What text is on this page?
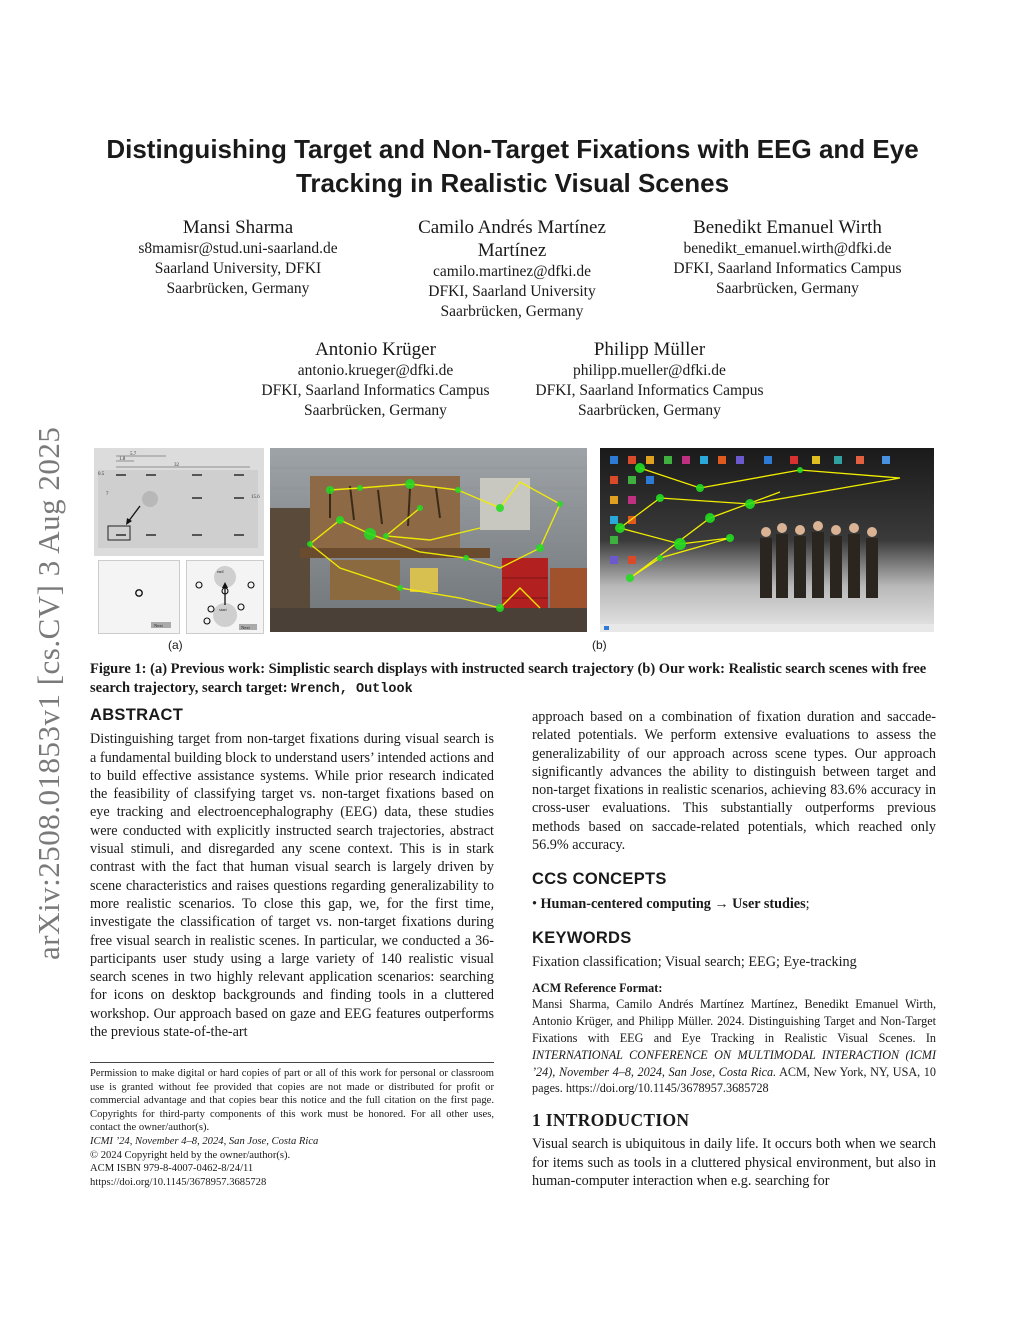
arXiv:2508.01853v1 [cs.CV] 3 Aug 2025
Distinguishing Target and Non-Target Fixations with EEG and Eye Tracking in Realistic Visual Scenes
Mansi Sharma
s8mamisr@stud.uni-saarland.de
Saarland University, DFKI
Saarbrücken, Germany
Camilo Andrés Martínez Martínez
camilo.martinez@dfki.de
DFKI, Saarland University
Saarbrücken, Germany
Benedikt Emanuel Wirth
benedikt_emanuel.wirth@dfki.de
DFKI, Saarland Informatics Campus
Saarbrücken, Germany
Antonio Krüger
antonio.krueger@dfki.de
DFKI, Saarland Informatics Campus
Saarbrücken, Germany
Philipp Müller
philipp.mueller@dfki.de
DFKI, Saarland Informatics Campus
Saarbrücken, Germany
1.8
5.7
32
0.5
7
15.6
Next
end
start
Next
(a)	(b)
Figure 1: (a) Previous work: Simplistic search displays with instructed search trajectory (b) Our work: Realistic search scenes with free search trajectory, search target: Wrench, Outlook
ABSTRACT

Distinguishing target from non-target fixations during visual search is a fundamental building block to understand users’ intended actions and to build effective assistance systems. While prior research indicated the feasibility of classifying target vs. non-target fixations based on eye tracking and electroencephalography (EEG) data, these studies were conducted with explicitly instructed search trajectories, abstract visual stimuli, and disregarded any scene context. This is in stark contrast with the fact that human visual search is largely driven by scene characteristics and raises questions regarding generalizability to more realistic scenarios. To close this gap, we, for the first time, investigate the classification of target vs. non-target fixations during free visual search in realistic scenes. In particular, we conducted a 36-participants user study using a large variety of 140 realistic visual search scenes in two highly relevant application scenarios: searching for icons on desktop backgrounds and finding tools in a cluttered workshop. Our approach based on gaze and EEG features outperforms the previous state-of-the-art

Permission to make digital or hard copies of part or all of this work for personal or classroom use is granted without fee provided that copies are not made or distributed for profit or commercial advantage and that copies bear this notice and the full citation on the first page. Copyrights for third-party components of this work must be honored. For all other uses, contact the owner/author(s).
ICMI ’24, November 4–8, 2024, San Jose, Costa Rica
© 2024 Copyright held by the owner/author(s).
ACM ISBN 979-8-4007-0462-8/24/11
https://doi.org/10.1145/3678957.3685728

approach based on a combination of fixation duration and saccade-related potentials. We perform extensive evaluations to assess the generalizability of our approach across scene types. Our approach significantly advances the ability to distinguish between target and non-target fixations in realistic scenarios, achieving 83.6% accuracy in cross-user evaluations. This substantially outperforms previous methods based on saccade-related potentials, which reached only 56.9% accuracy.

CCS CONCEPTS

• Human-centered computing → User studies;

KEYWORDS

Fixation classification; Visual search; EEG; Eye-tracking

ACM Reference Format:
Mansi Sharma, Camilo Andrés Martínez Martínez, Benedikt Emanuel Wirth, Antonio Krüger, and Philipp Müller. 2024. Distinguishing Target and Non-Target Fixations with EEG and Eye Tracking in Realistic Visual Scenes. In INTERNATIONAL CONFERENCE ON MULTIMODAL INTERACTION (ICMI ’24), November 4–8, 2024, San Jose, Costa Rica. ACM, New York, NY, USA, 10 pages. https://doi.org/10.1145/3678957.3685728
1 INTRODUCTION

Visual search is ubiquitous in daily life. It occurs both when we search for items such as tools in a cluttered physical environment, but also in human-computer interaction when e.g. searching for
